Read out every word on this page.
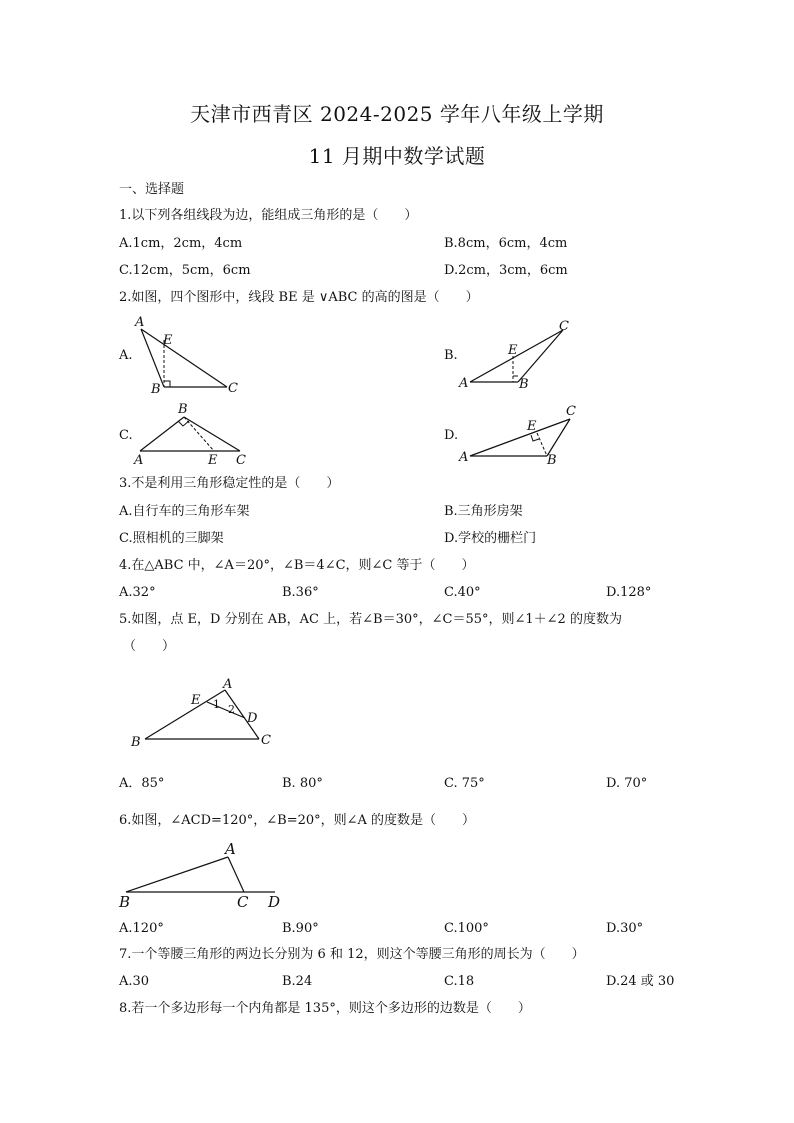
天津市西青区 2024-2025 学年八年级上学期
11 月期中数学试题
一、选择题
1.以下列各组线段为边，能组成三角形的是（　　）
A.1cm，2cm，4cm	B.8cm，6cm，4cm
C.12cm，5cm，6cm	D.2cm，3cm，6cm
2.如图，四个图形中，线段 BE 是 ∨ABC 的高的图是（　　）
A.
A
E
B	C
B.
C
E
A	B
C.
B
A	E C
D.
C
E
A	B
3.不是利用三角形稳定性的是（　　）
A.自行车的三角形车架	B.三角形房架
C.照相机的三脚架	D.学校的栅栏门
4.在△ABC 中，∠A＝20°，∠B＝4∠C，则∠C 等于（　　）
A.32°	B.36°	C.40°	D.128°
5.如图，点 E，D 分别在 AB，AC 上，若∠B＝30°，∠C＝55°，则∠1＋∠2 的度数为
（　　）
A
E 1 2
D
B	C
A．85°	B. 80°	C. 75°	D. 70°
6.如图，∠ACD=120°，∠B=20°，则∠A 的度数是（　　）
A
B	C D
A.120°	B.90°	C.100°	D.30°
7.一个等腰三角形的两边长分别为 6 和 12，则这个等腰三角形的周长为（　　）
A.30	B.24	C.18	D.24 或 30
8.若一个多边形每一个内角都是 135°，则这个多边形的边数是（　　）
